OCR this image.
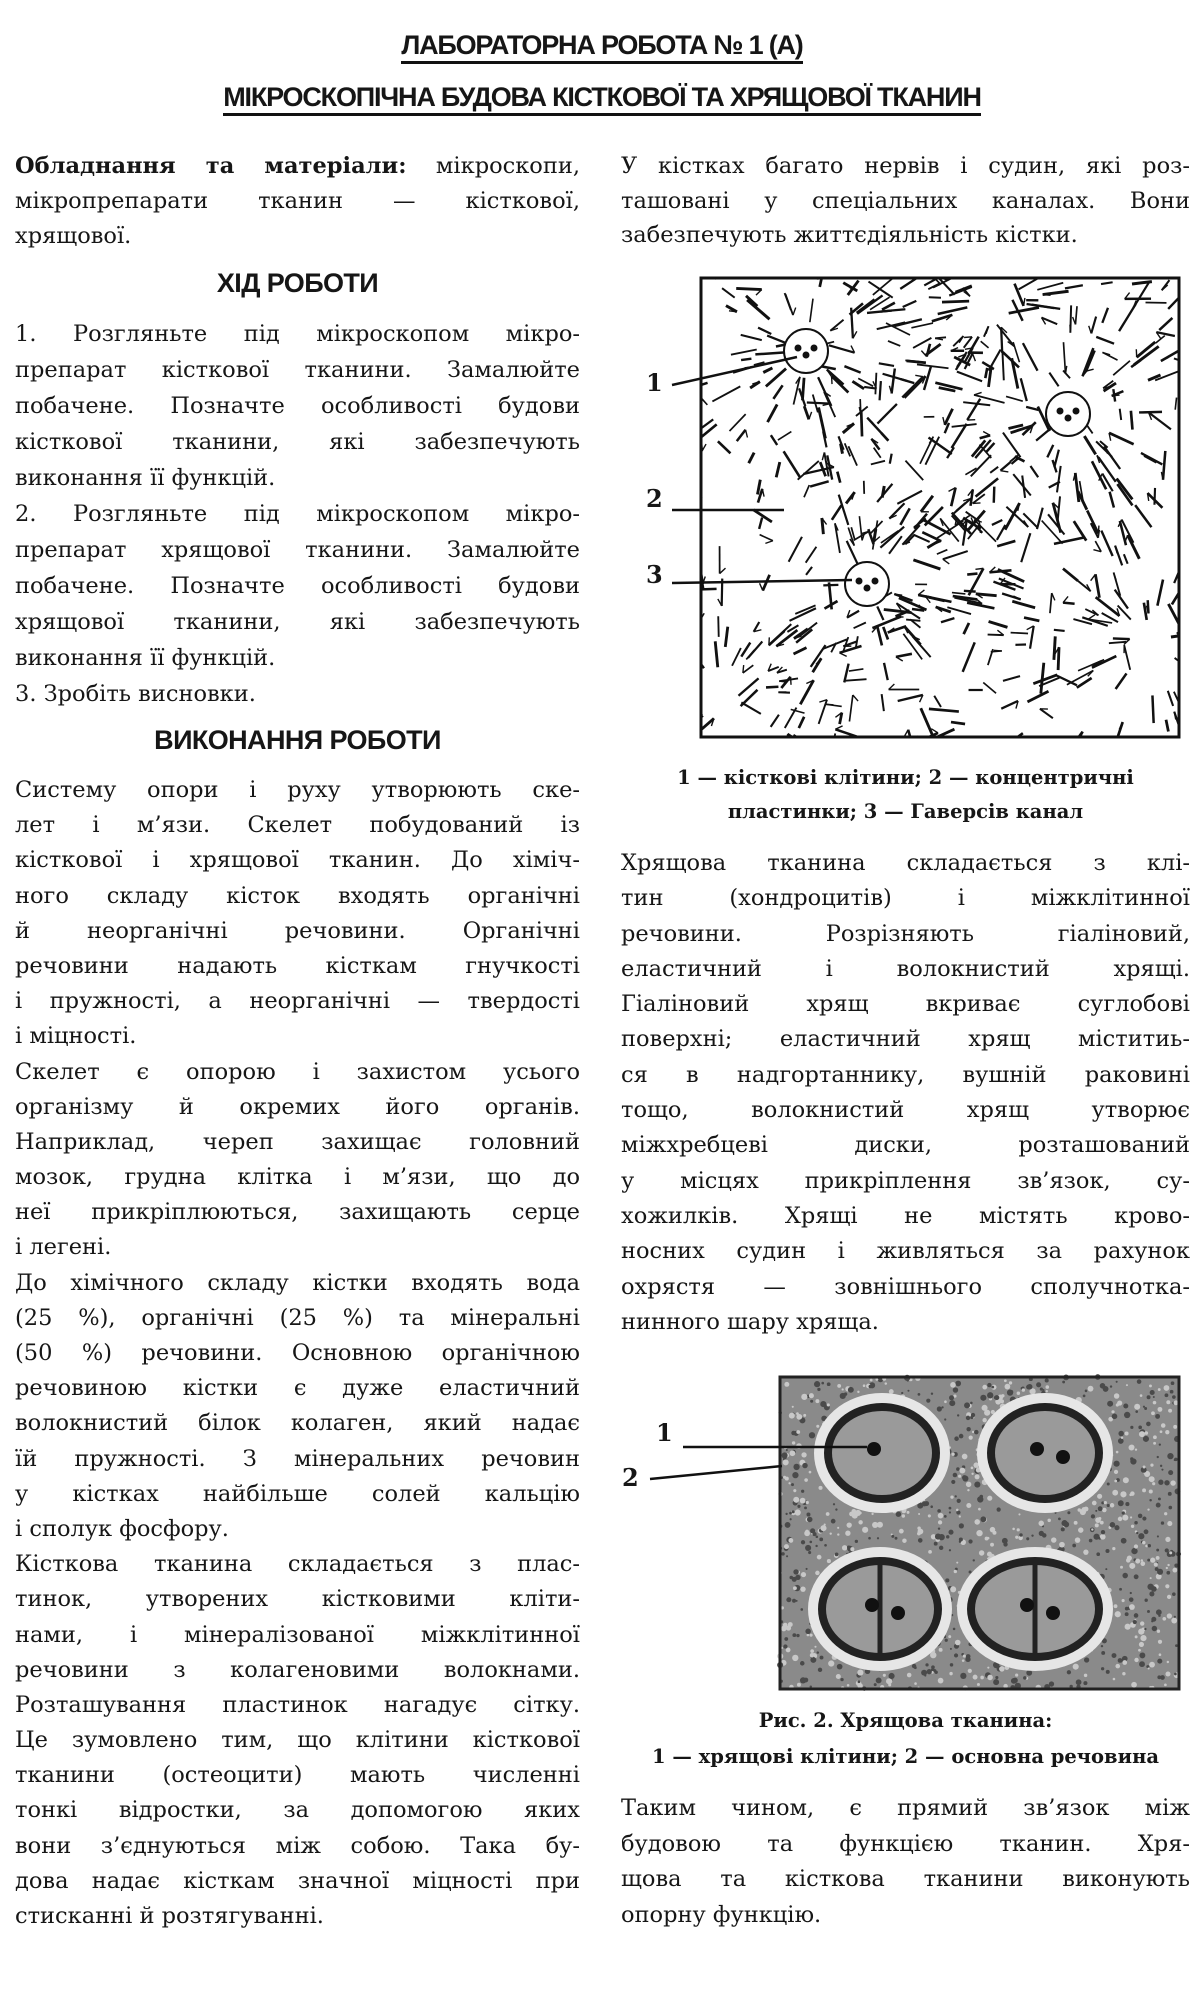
ЛАБОРАТОРНА РОБОТА № 1 (А)
МІКРОСКОПІЧНА БУДОВА КІСТКОВОЇ ТА ХРЯЩОВОЇ ТКАНИН
Обладнання та матеріали: мікроскопи,
мікропрепарати тканин — кісткової,
хрящової.
ХІД РОБОТИ
1. Розгляньте під мікроскопом мікро-
препарат кісткової тканини. Замалюйте
побачене. Позначте особливості будови
кісткової тканини, які забезпечують
виконання її функцій.
2. Розгляньте під мікроскопом мікро-
препарат хрящової тканини. Замалюйте
побачене. Позначте особливості будови
хрящової тканини, які забезпечують
виконання її функцій.
3. Зробіть висновки.
ВИКОНАННЯ РОБОТИ
Систему опори і руху утворюють ске-
лет і м’язи. Скелет побудований із
кісткової і хрящової тканин. До хіміч-
ного складу кісток входять органічні
й неорганічні речовини. Органічні
речовини надають кісткам гнучкості
і пружності, а неорганічні — твердості
і міцності.
Скелет є опорою і захистом усього
організму й окремих його органів.
Наприклад, череп захищає головний
мозок, грудна клітка і м’язи, що до
неї прикріплюються, захищають серце
і легені.
До хімічного складу кістки входять вода
(25 %), органічні (25 %) та мінеральні
(50 %) речовини. Основною органічною
речовиною кістки є дуже еластичний
волокнистий білок колаген, який надає
їй пружності. З мінеральних речовин
у кістках найбільше солей кальцію
і сполук фосфору.
Кісткова тканина складається з плас-
тинок, утворених кістковими кліти-
нами, і мінералізованої міжклітинної
речовини з колагеновими волокнами.
Розташування пластинок нагадує сітку.
Це зумовлено тим, що клітини кісткової
тканини (остеоцити) мають численні
тонкі відростки, за допомогою яких
вони з’єднуються між собою. Така бу-
дова надає кісткам значної міцності при
стисканні й розтягуванні.
У кістках багато нервів і судин, які роз-
ташовані у спеціальних каналах. Вони
забезпечують життєдіяльність кістки.
1
2
3
1 — кісткові клітини; 2 — концентричні
пластинки; 3 — Гаверсів канал
Хрящова тканина складається з клі-
тин (хондроцитів) і міжклітинної
речовини. Розрізняють гіаліновий,
еластичний і волокнистий хрящі.
Гіаліновий хрящ вкриває суглобові
поверхні; еластичний хрящ міститиь-
ся в надгортаннику, вушній раковині
тощо, волокнистий хрящ утворює
міжхребцеві диски, розташований
у місцях прикріплення зв’язок, су-
хожилків. Хрящі не містять крово-
носних судин і живляться за рахунок
охрястя — зовнішнього сполучнотка-
нинного шару хряща.
1
2
Рис. 2. Хрящова тканина:
1 — хрящові клітини; 2 — основна речовина
Таким чином, є прямий зв’язок між
будовою та функцією тканин. Хря-
щова та кісткова тканини виконують
опорну функцію.
